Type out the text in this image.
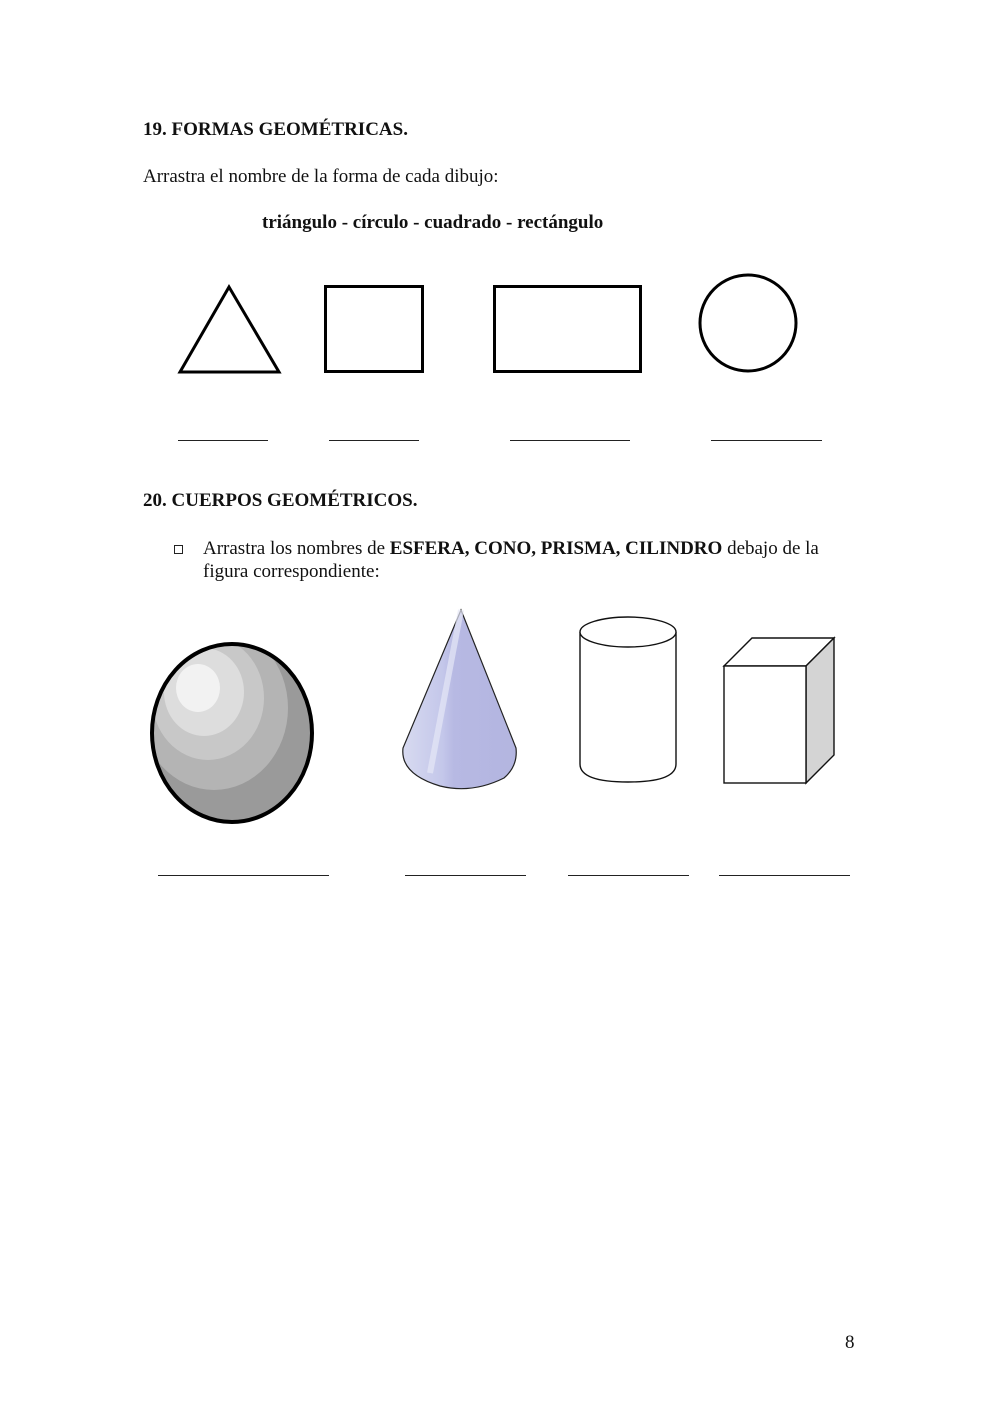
19. FORMAS GEOMÉTRICAS.
Arrastra el nombre de la forma de cada dibujo:
triángulo - círculo - cuadrado - rectángulo
20. CUERPOS GEOMÉTRICOS.
Arrastra los nombres de ESFERA, CONO, PRISMA, CILINDRO debajo de la
figura correspondiente:
8
